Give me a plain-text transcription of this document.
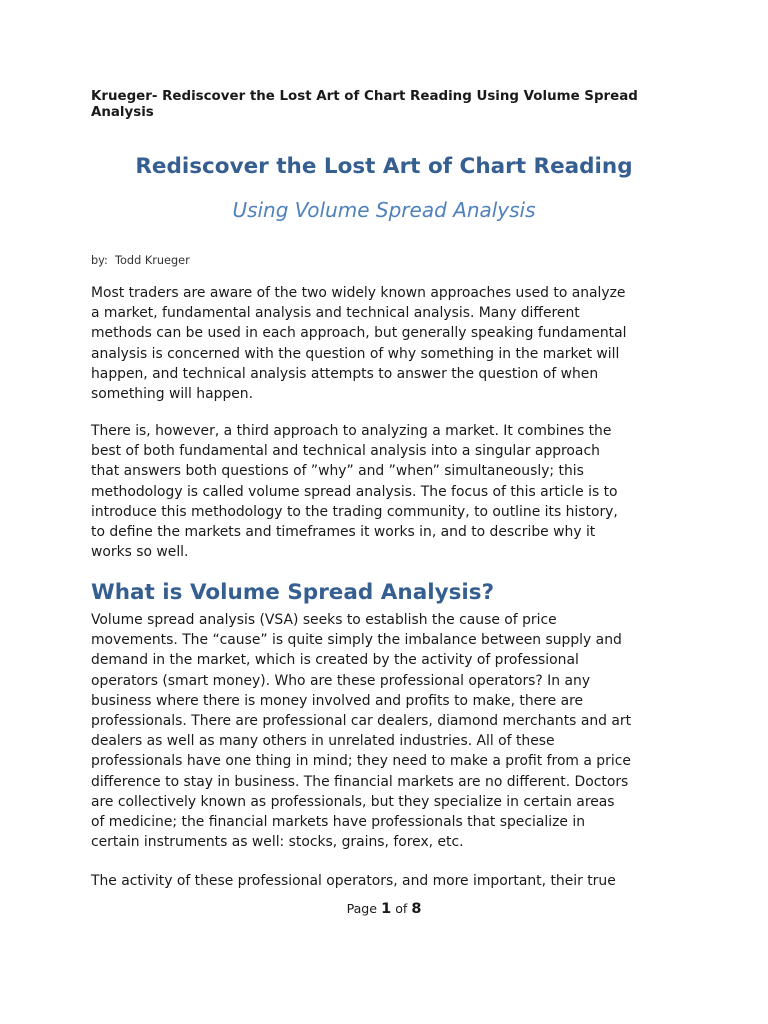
Krueger- Rediscover the Lost Art of Chart Reading Using Volume Spread
Analysis
Rediscover the Lost Art of Chart Reading
Using Volume Spread Analysis
by:  Todd Krueger
Most traders are aware of the two widely known approaches used to analyze
a market, fundamental analysis and technical analysis. Many different
methods can be used in each approach, but generally speaking fundamental
analysis is concerned with the question of why something in the market will
happen, and technical analysis attempts to answer the question of when
something will happen.
There is, however, a third approach to analyzing a market. It combines the
best of both fundamental and technical analysis into a singular approach
that answers both questions of ”why” and ”when” simultaneously; this
methodology is called volume spread analysis. The focus of this article is to
introduce this methodology to the trading community, to outline its history,
to define the markets and timeframes it works in, and to describe why it
works so well.
What is Volume Spread Analysis?
Volume spread analysis (VSA) seeks to establish the cause of price
movements. The “cause” is quite simply the imbalance between supply and
demand in the market, which is created by the activity of professional
operators (smart money). Who are these professional operators? In any
business where there is money involved and profits to make, there are
professionals. There are professional car dealers, diamond merchants and art
dealers as well as many others in unrelated industries. All of these
professionals have one thing in mind; they need to make a profit from a price
difference to stay in business. The financial markets are no different. Doctors
are collectively known as professionals, but they specialize in certain areas
of medicine; the financial markets have professionals that specialize in
certain instruments as well: stocks, grains, forex, etc.
The activity of these professional operators, and more important, their true
Page 1 of 8
